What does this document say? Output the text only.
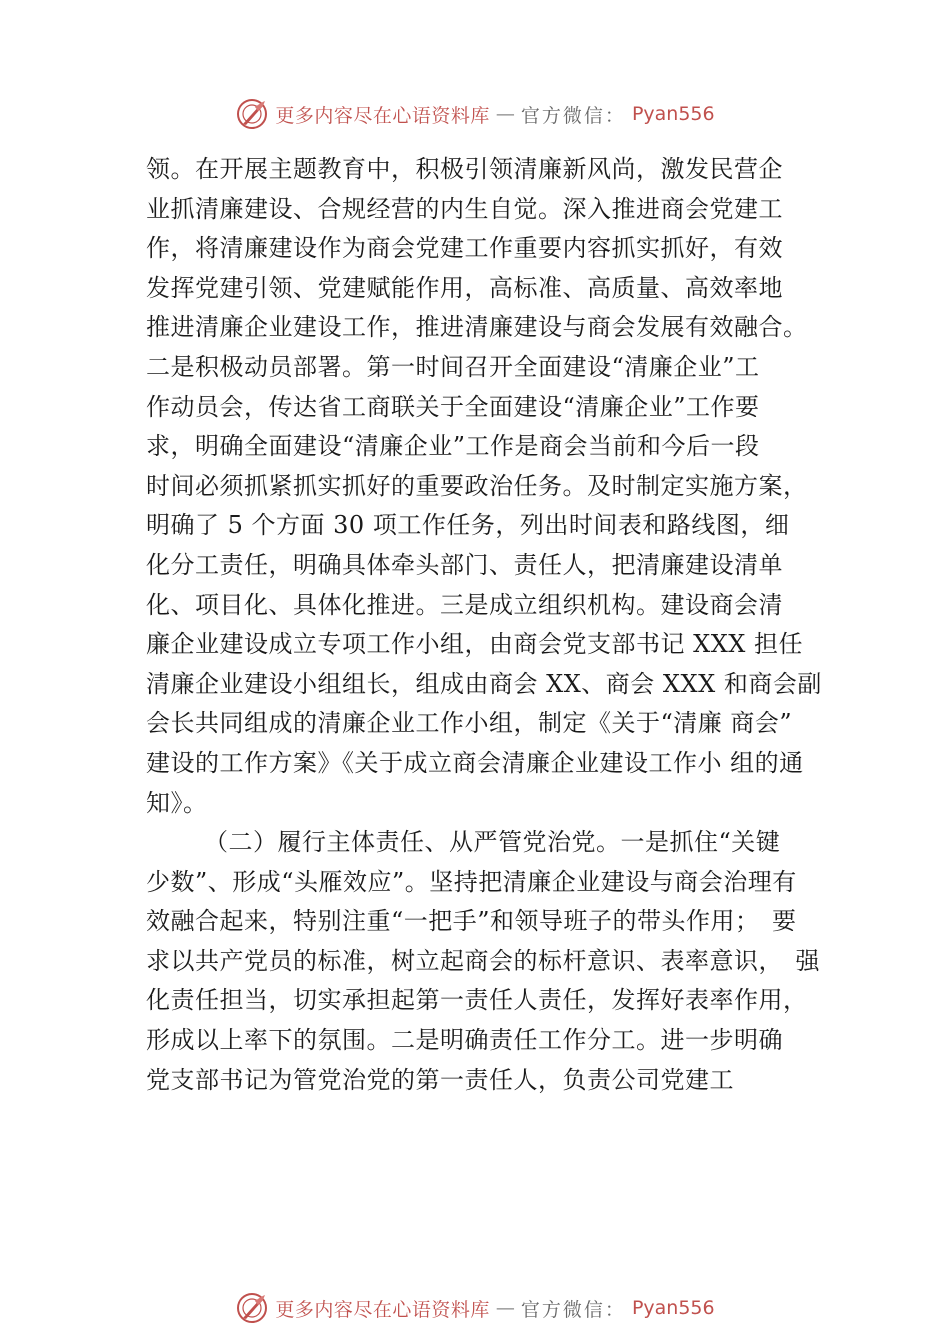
更多内容尽在心语资料库 — 官方微信： Pyan556
领。在开展主题教育中，积极引领清廉新风尚，激发民营企
业抓清廉建设、合规经营的内生自觉。深入推进商会党建工
作，将清廉建设作为商会党建工作重要内容抓实抓好，有效
发挥党建引领、党建赋能作用，高标准、高质量、高效率地
推进清廉企业建设工作，推进清廉建设与商会发展有效融合。
二是积极动员部署。第一时间召开全面建设“清廉企业”工
作动员会，传达省工商联关于全面建设“清廉企业”工作要
求，明确全面建设“清廉企业”工作是商会当前和今后一段
时间必须抓紧抓实抓好的重要政治任务。及时制定实施方案，
明确了 5 个方面 30 项工作任务，列出时间表和路线图，细
化分工责任，明确具体牵头部门、责任人，把清廉建设清单
化、项目化、具体化推进。三是成立组织机构。建设商会清
廉企业建设成立专项工作小组，由商会党支部书记 XXX 担任
清廉企业建设小组组长，组成由商会 XX、商会 XXX 和商会副
会长共同组成的清廉企业工作小组，制定《关于“清廉 商会”
建设的工作方案》《关于成立商会清廉企业建设工作小 组的通
知》。
（二）履行主体责任、从严管党治党。一是抓住“关键
少数”、形成“头雁效应”。坚持把清廉企业建设与商会治理有
效融合起来，特别注重“一把手”和领导班子的带头作用；　要
求以共产党员的标准，树立起商会的标杆意识、表率意识，　强
化责任担当，切实承担起第一责任人责任，发挥好表率作用，
形成以上率下的氛围。二是明确责任工作分工。进一步明确
党支部书记为管党治党的第一责任人，负责公司党建工
更多内容尽在心语资料库 — 官方微信： Pyan556
